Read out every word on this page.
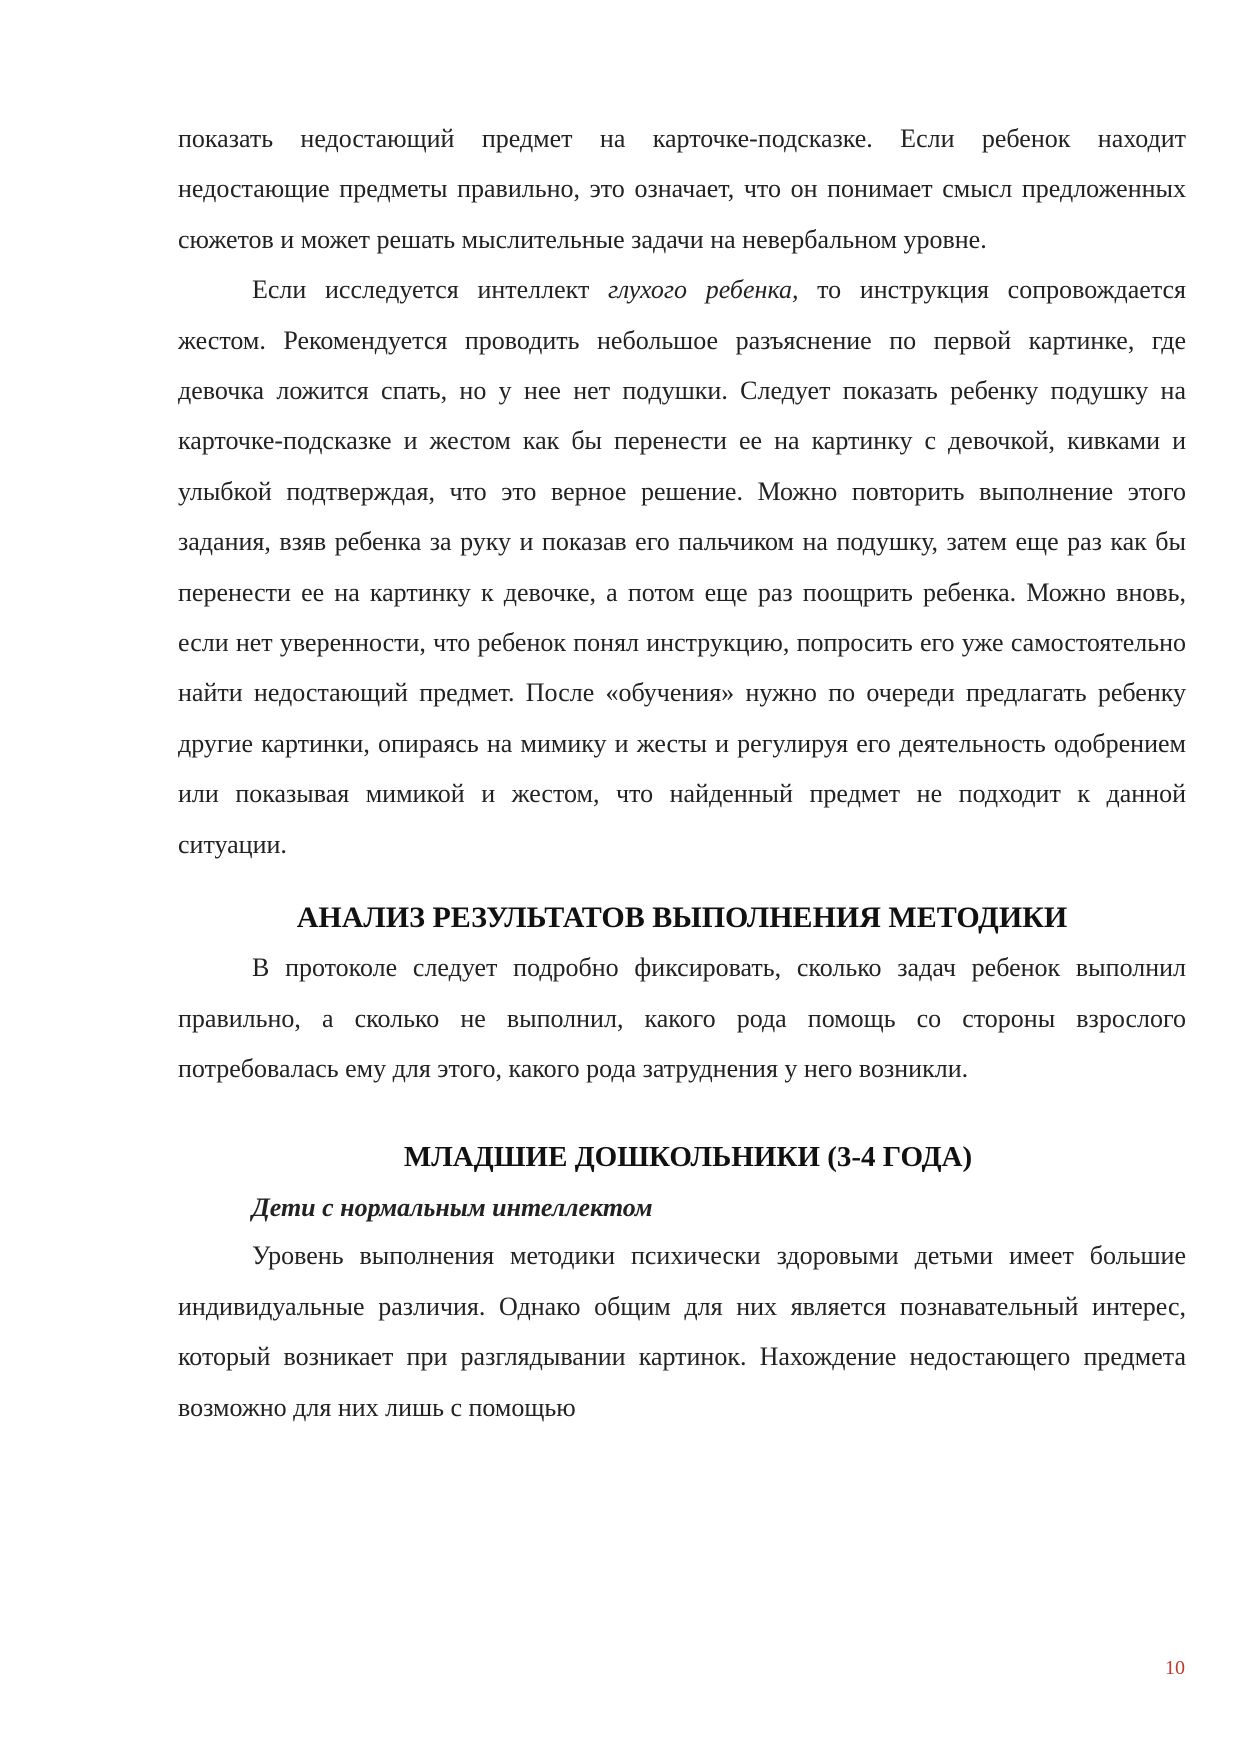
показать недостающий предмет на карточке-подсказке. Если ребенок находит недостающие предметы правильно, это означает, что он понимает смысл предложенных сюжетов и может решать мыслительные задачи на невербальном уровне.

Если исследуется интеллект глухого ребенка, то инструкция сопровождается жестом. Рекомендуется проводить небольшое разъяснение по первой картинке, где девочка ложится спать, но у нее нет подушки. Следует показать ребенку подушку на карточке-подсказке и жестом как бы перенести ее на картинку с девочкой, кивками и улыбкой подтверждая, что это верное решение. Можно повторить выполнение этого задания, взяв ребенка за руку и показав его пальчиком на подушку, затем еще раз как бы перенести ее на картинку к девочке, а потом еще раз поощрить ребенка. Можно вновь, если нет уверенности, что ребенок понял инструкцию, попросить его уже самостоятельно найти недостающий предмет. После «обучения» нужно по очереди предлагать ребенку другие картинки, опираясь на мимику и жесты и регулируя его деятельность одобрением или показывая мимикой и жестом, что найденный предмет не подходит к данной ситуации.

АНАЛИЗ РЕЗУЛЬТАТОВ ВЫПОЛНЕНИЯ МЕТОДИКИ

В протоколе следует подробно фиксировать, сколько задач ребенок выполнил правильно, а сколько не выполнил, какого рода помощь со стороны взрослого потребовалась ему для этого, какого рода затруднения у него возникли.

МЛАДШИЕ ДОШКОЛЬНИКИ (3-4 ГОДА)

Дети с нормальным интеллектом

Уровень выполнения методики психически здоровыми детьми имеет большие индивидуальные различия. Однако общим для них является познавательный интерес, который возникает при разглядывании картинок. Нахождение недостающего предмета возможно для них лишь с помощью

10
